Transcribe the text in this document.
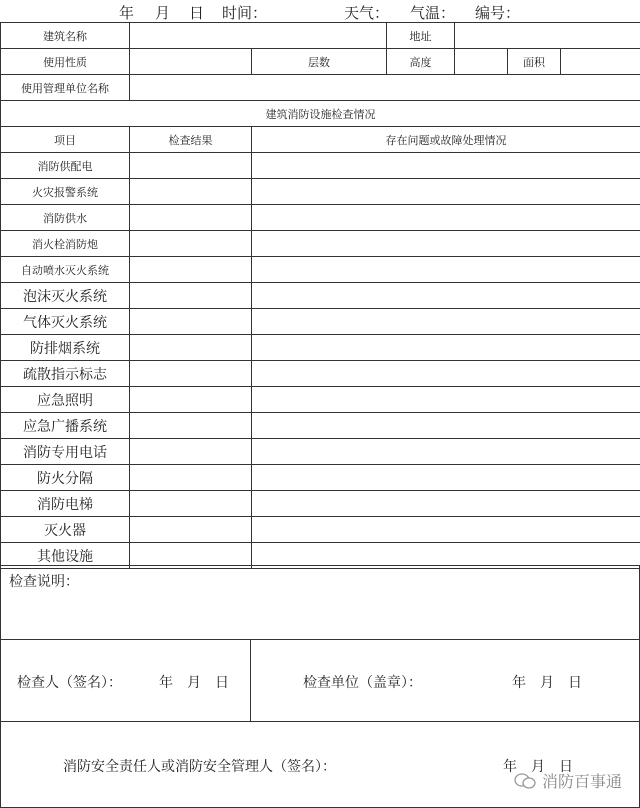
年 月 日 时间：	天气： 气温： 编号：
建筑名称			地址			
使用性质		层数	高度		面积	
使用管理单位名称						
建筑消防设施检查情况						
项目	检查结果	存在问题或故障处理情况				
消防供配电						
火灾报警系统						
消防供水						
消火栓消防炮						
自动喷水灭火系统						
泡沫灭火系统						
气体灭火系统						
防排烟系统						
疏散指示标志						
应急照明						
应急广播系统						
消防专用电话						
防火分隔						
消防电梯						
灭火器						
其他设施						
检查说明：
检查人（签名）：	年　月　日	检查单位（盖章）：	年　月　日
消防安全责任人或消防安全管理人（签名）：	年　月　日
消防百事通
